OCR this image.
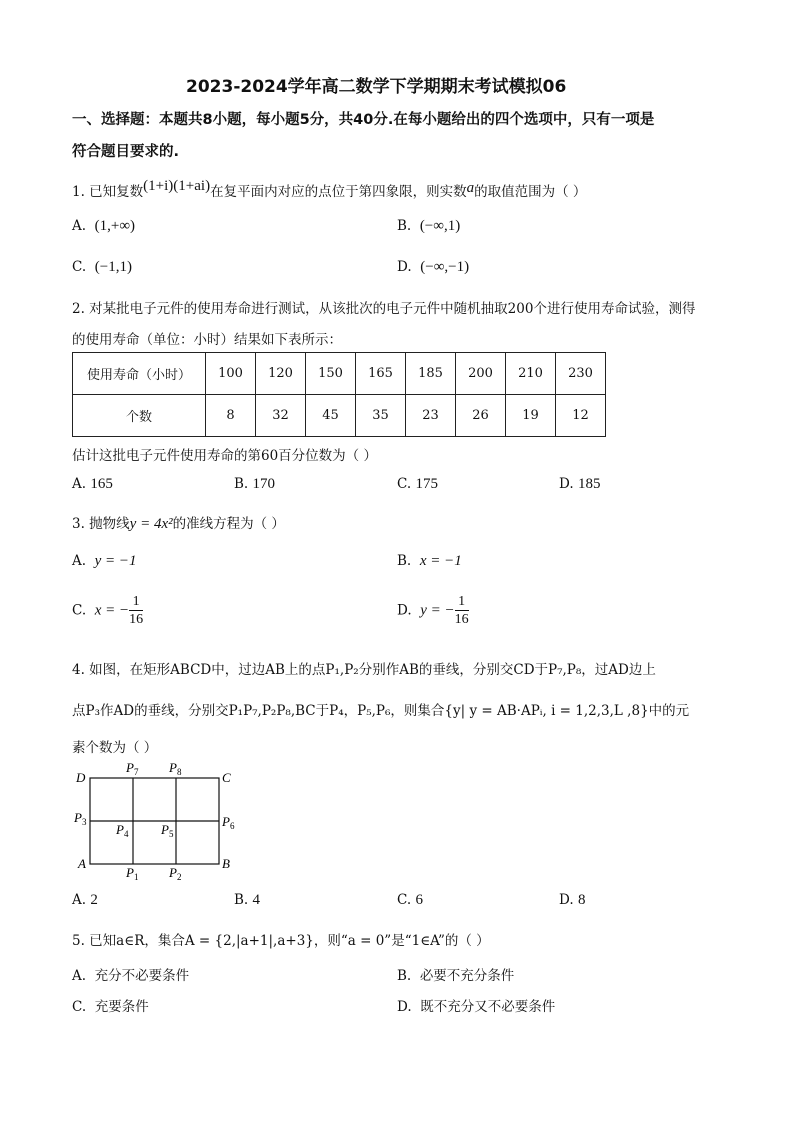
2023-2024学年高二数学下学期期末考试模拟06
一、选择题：本题共8小题，每小题5分，共40分.在每小题给出的四个选项中，只有一项是
符合题目要求的.
1. 已知复数(1+i)(1+ai)在复平面内对应的点位于第四象限，则实数a的取值范围为（ ）
A. (1,+∞)	B. (−∞,1)
C. (−1,1)	D. (−∞,−1)
2. 对某批电子元件的使用寿命进行测试，从该批次的电子元件中随机抽取200个进行使用寿命试验，测得
的使用寿命（单位：小时）结果如下表所示：
使用寿命（小时）	100	120	150	165	185	200	210	230
个数	8	32	45	35	23	26	19	12
估计这批电子元件使用寿命的第60百分位数为（ ）
A. 165	B. 170	C. 175	D. 185
3. 抛物线y = 4x²的准线方程为（ ）
A. y = −1	B. x = −1
C. x = − $\frac{1}{16}$	D. y = − $\frac{1}{16}$
4. 如图，在矩形ABCD中，过边AB上的点P₁,P₂分别作AB的垂线，分别交CD于P₇,P₈，过AD边上
点P₃作AD的垂线，分别交P₁P₇,P₂P₈,BC于P₄，P₅,P₆，则集合{y| y = AB·APᵢ, i = 1,2,3,L ,8}中的元
素个数为（ ）
D	C
A	B
$P_7$ $P_8$
$P_3$ $P_4$	$P_5$
$P_6$
$P_1$ $P_2$
A. 2	B. 4	C. 6	D. 8
5. 已知a∈R，集合A = {2,|a+1|,a+3}，则“a = 0”是“1∈A”的（ ）
A. 充分不必要条件	B. 必要不充分条件
C. 充要条件	D. 既不充分又不必要条件
